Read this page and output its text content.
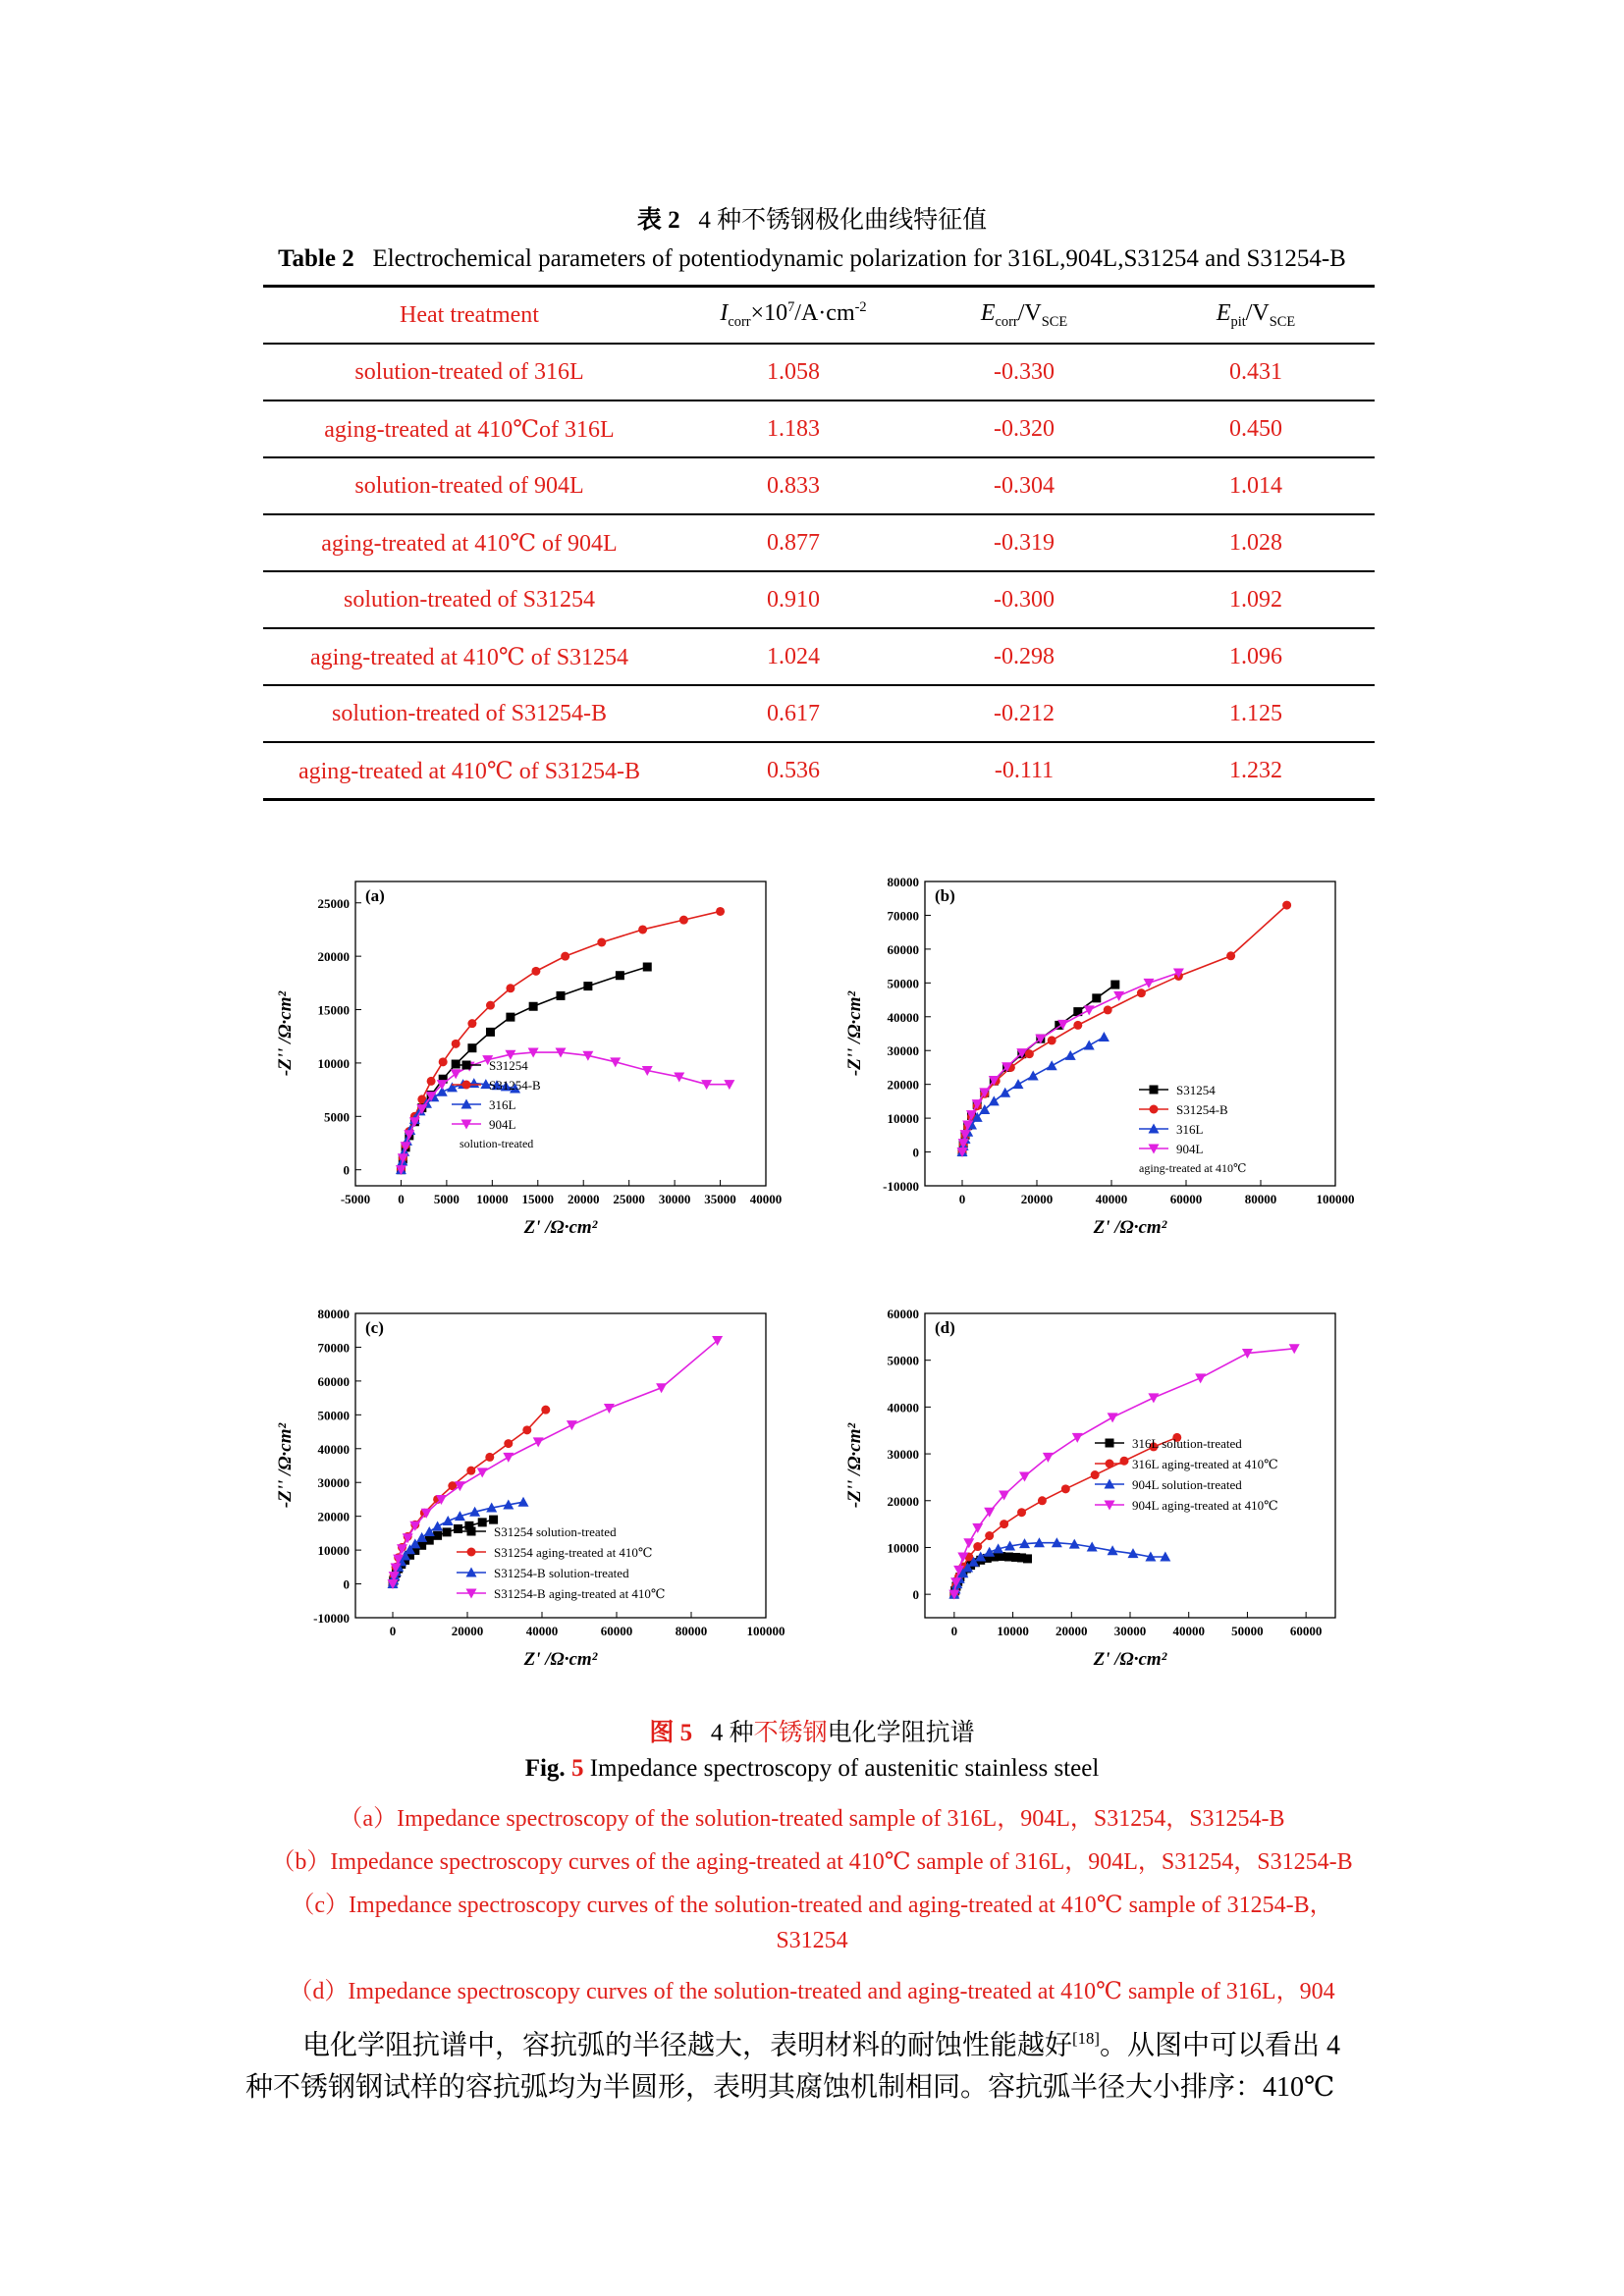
表 2 4 种不锈钢极化曲线特征值
Table 2 Electrochemical parameters of potentiodynamic polarization for 316L,904L,S31254 and S31254-B
Heat treatment	$I_{corr}\times 10^7/A\cdot cm^{-2}$	$E_{corr}/V_{SCE}$	$E_{pit}/V_{SCE}$
solution-treated of 316L	1.058	-0.330	0.431
aging-treated at 410℃of 316L	1.183	-0.320	0.450
solution-treated of 904L	0.833	-0.304	1.014
aging-treated at 410℃ of 904L	0.877	-0.319	1.028
solution-treated of S31254	0.910	-0.300	1.092
aging-treated at 410℃ of S31254	1.024	-0.298	1.096
solution-treated of S31254-B	0.617	-0.212	1.125
aging-treated at 410℃ of S31254-B	0.536	-0.111	1.232
-5000 0 5000 10000 15000 20000 25000 30000 35000 40000
0
5000
10000
15000
20000
25000 (a)
Z' /Ω·cm²
-Z'' /Ω·cm²	S31254
S31254-B
316L
904L
solution-treated
0	20000	40000	60000	80000	100000
-10000
0
10000
20000
30000
40000
50000
60000
70000
80000
(b)
Z' /Ω·cm²
-Z'' /Ω·cm²
S31254
S31254-B
316L
904L
aging-treated at 410℃
0	20000	40000	60000	80000	100000
-10000
0
10000
20000
30000
40000
50000
60000
70000
80000
(c)
Z' /Ω·cm²
-Z'' /Ω·cm²
S31254 solution-treated
S31254 aging-treated at 410℃
S31254-B solution-treated
S31254-B aging-treated at 410℃
0	10000 20000 30000 40000 50000 60000
0
10000
20000
30000
40000
50000
60000
(d)
Z' /Ω·cm²
-Z'' /Ω·cm²	316L solution-treated
316L aging-treated at 410℃
904L solution-treated
904L aging-treated at 410℃
图 5 4 种不锈钢电化学阻抗谱
Fig. 5 Impedance spectroscopy of austenitic stainless steel
（a）Impedance spectroscopy of the solution-treated sample of 316L，904L，S31254，S31254-B
（b）Impedance spectroscopy curves of the aging-treated at 410℃ sample of 316L，904L，S31254，S31254-B
（c）Impedance spectroscopy curves of the solution-treated and aging-treated at 410℃ sample of 31254-B，
S31254
（d）Impedance spectroscopy curves of the solution-treated and aging-treated at 410℃ sample of 316L，904
电化学阻抗谱中，容抗弧的半径越大，表明材料的耐蚀性能越好[18]。从图中可以看出 4
种不锈钢钢试样的容抗弧均为半圆形，表明其腐蚀机制相同。容抗弧半径大小排序：410℃
